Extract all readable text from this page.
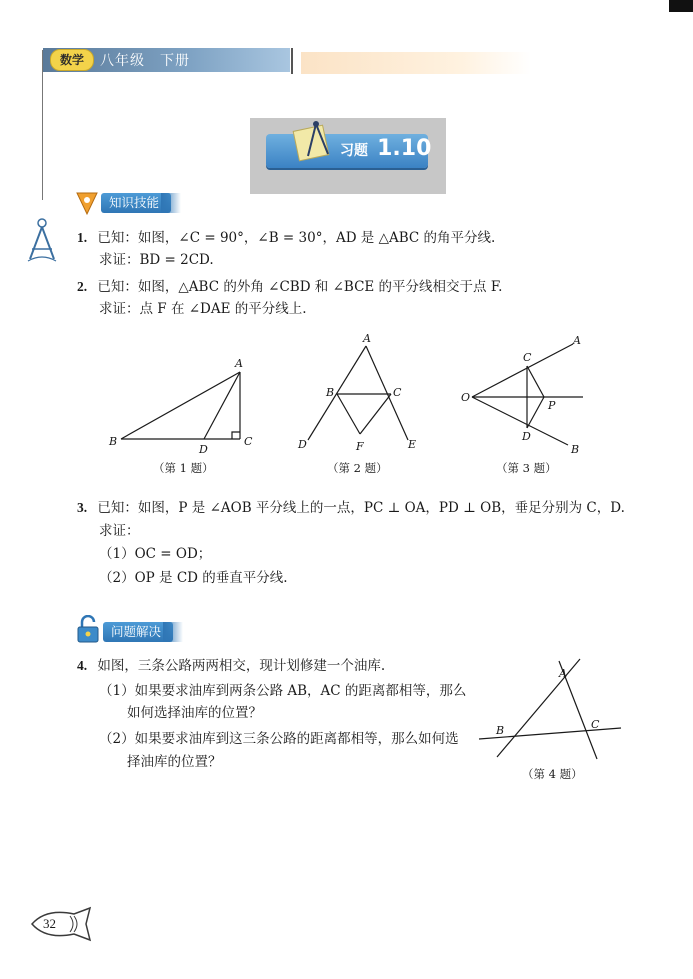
数学	八年级　下册
习题 1.10
知识技能
1. 已知：如图，∠C = 90°，∠B = 30°，AD 是 △ABC 的角平分线.
求证：BD = 2CD.
2. 已知：如图，△ABC 的外角 ∠CBD 和 ∠BCE 的平分线相交于点 F.
求证：点 F 在 ∠DAE 的平分线上.
A
B	C
D
（第 1 题）
A
B	C
D	E
F
（第 2 题）
O
A
B
C
D
P
（第 3 题）
3. 已知：如图，P 是 ∠AOB 平分线上的一点，PC ⊥ OA，PD ⊥ OB，垂足分别为 C，D.
求证：
（1）OC = OD；
（2）OP 是 CD 的垂直平分线.
问题解决
4. 如图，三条公路两两相交，现计划修建一个油库.
（1）如果要求油库到两条公路 AB，AC 的距离都相等，那么
如何选择油库的位置？
（2）如果要求油库到这三条公路的距离都相等，那么如何选
择油库的位置？
A
B	C
（第 4 题）
32
